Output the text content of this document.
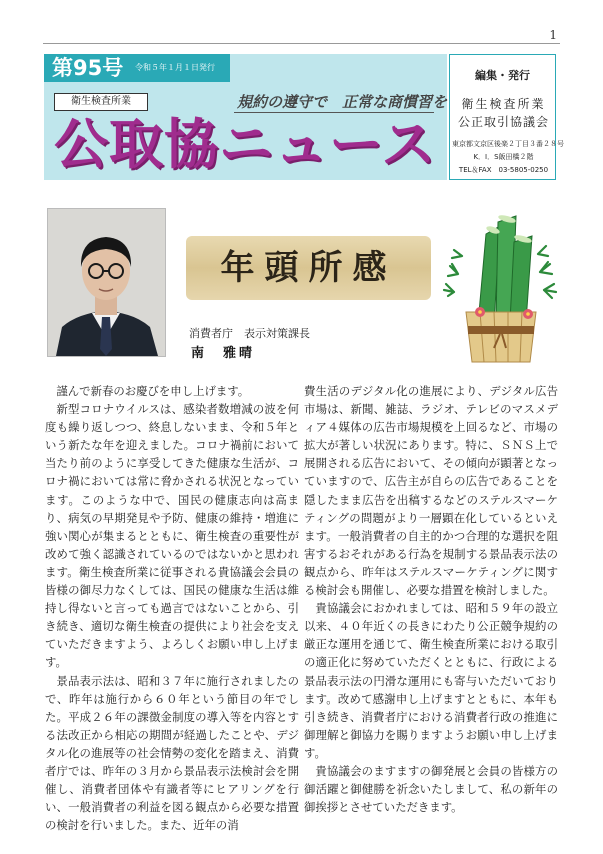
1
第95号 令和５年１月１日発行
衛生検査所業	規約の遵守で　正常な商慣習を
公取協ニュース
編集・発行
衛生検査所業
公正取引協議会
東京都文京区後楽２丁目３番２８号
K．I．S飯田橋２階
TEL＆FAX　03-5805-0250
年頭所感
消費者庁　表示対策課長
南　雅晴

謹んで新春のお慶びを申し上げます。

新型コロナウイルスは、感染者数増減の波を何度も繰り返しつつ、終息しないまま、令和５年という新たな年を迎えました。コロナ禍前において当たり前のように享受してきた健康な生活が、コロナ禍においては常に脅かされる状況となっています。このような中で、国民の健康志向は高まり、病気の早期発見や予防、健康の維持・増進に強い関心が集まるとともに、衛生検査の重要性が改めて強く認識されているのではないかと思われます。衛生検査所業に従事される貴協議会会員の皆様の御尽力なくしては、国民の健康な生活は維持し得ないと言っても過言ではないことから、引き続き、適切な衛生検査の提供により社会を支えていただきますよう、よろしくお願い申し上げます。

景品表示法は、昭和３７年に施行されましたので、昨年は施行から６０年という節目の年でした。平成２６年の課徴金制度の導入等を内容とする法改正から相応の期間が経過したことや、デジタル化の進展等の社会情勢の変化を踏まえ、消費者庁では、昨年の３月から景品表示法検討会を開催し、消費者団体や有識者等にヒアリングを行い、一般消費者の利益を図る観点から必要な措置の検討を行いました。また、近年の消

費生活のデジタル化の進展により、デジタル広告市場は、新聞、雑誌、ラジオ、テレビのマスメディア４媒体の広告市場規模を上回るなど、市場の拡大が著しい状況にあります。特に、ＳＮＳ上で展開される広告において、その傾向が顕著となっていますので、広告主が自らの広告であることを隠したまま広告を出稿するなどのステルスマーケティングの問題がより一層顕在化しているといえます。一般消費者の自主的かつ合理的な選択を阻害するおそれがある行為を規制する景品表示法の観点から、昨年はステルスマーケティングに関する検討会も開催し、必要な措置を検討しました。

貴協議会におかれましては、昭和５９年の設立以来、４０年近くの長きにわたり公正競争規約の厳正な運用を通じて、衛生検査所業における取引の適正化に努めていただくとともに、行政による景品表示法の円滑な運用にも寄与いただいております。改めて感謝申し上げますとともに、本年も引き続き、消費者庁における消費者行政の推進に御理解と御協力を賜りますようお願い申し上げます。

貴協議会のますますの御発展と会員の皆様方の御活躍と御健勝を祈念いたしまして、私の新年の御挨拶とさせていただきます。
